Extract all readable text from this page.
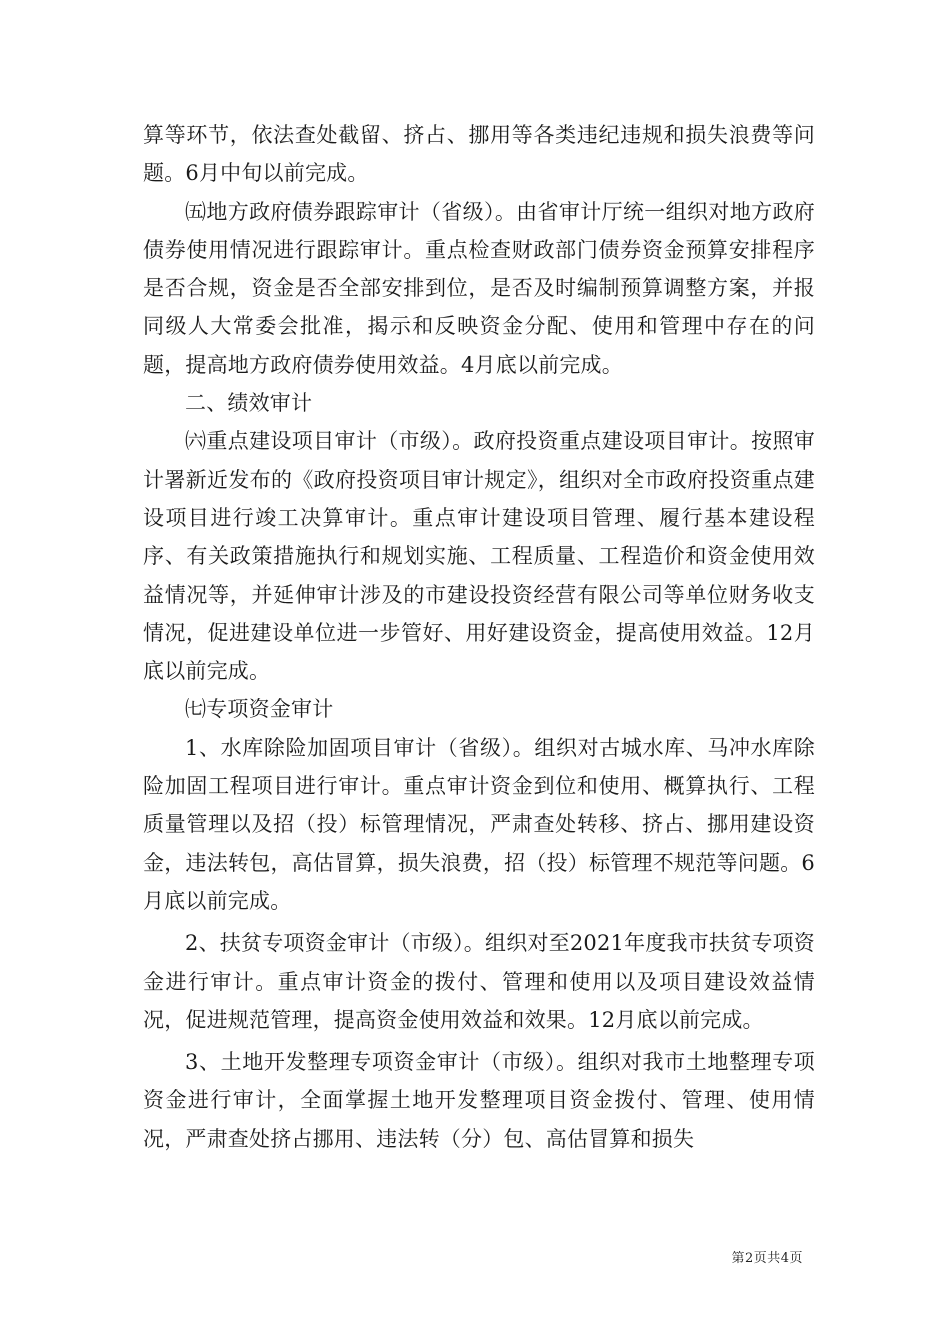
算等环节，依法查处截留、挤占、挪用等各类违纪违规和损失浪费等问题。6月中旬以前完成。

㈤地方政府债券跟踪审计（省级）。由省审计厅统一组织对地方政府债券使用情况进行跟踪审计。重点检查财政部门债券资金预算安排程序是否合规，资金是否全部安排到位，是否及时编制预算调整方案，并报同级人大常委会批准，揭示和反映资金分配、使用和管理中存在的问题，提高地方政府债券使用效益。4月底以前完成。

二、绩效审计

㈥重点建设项目审计（市级）。政府投资重点建设项目审计。按照审计署新近发布的《政府投资项目审计规定》，组织对全市政府投资重点建设项目进行竣工决算审计。重点审计建设项目管理、履行基本建设程序、有关政策措施执行和规划实施、工程质量、工程造价和资金使用效益情况等，并延伸审计涉及的市建设投资经营有限公司等单位财务收支情况，促进建设单位进一步管好、用好建设资金，提高使用效益。12月底以前完成。

㈦专项资金审计

1、水库除险加固项目审计（省级）。组织对古城水库、马冲水库除险加固工程项目进行审计。重点审计资金到位和使用、概算执行、工程质量管理以及招（投）标管理情况，严肃查处转移、挤占、挪用建设资金，违法转包，高估冒算，损失浪费，招（投）标管理不规范等问题。6月底以前完成。

2、扶贫专项资金审计（市级）。组织对至2021年度我市扶贫专项资金进行审计。重点审计资金的拨付、管理和使用以及项目建设效益情况，促进规范管理，提高资金使用效益和效果。12月底以前完成。

3、土地开发整理专项资金审计（市级）。组织对我市土地整理专项资金进行审计，全面掌握土地开发整理项目资金拨付、管理、使用情况，严肃查处挤占挪用、违法转（分）包、高估冒算和损失

第2页共4页
